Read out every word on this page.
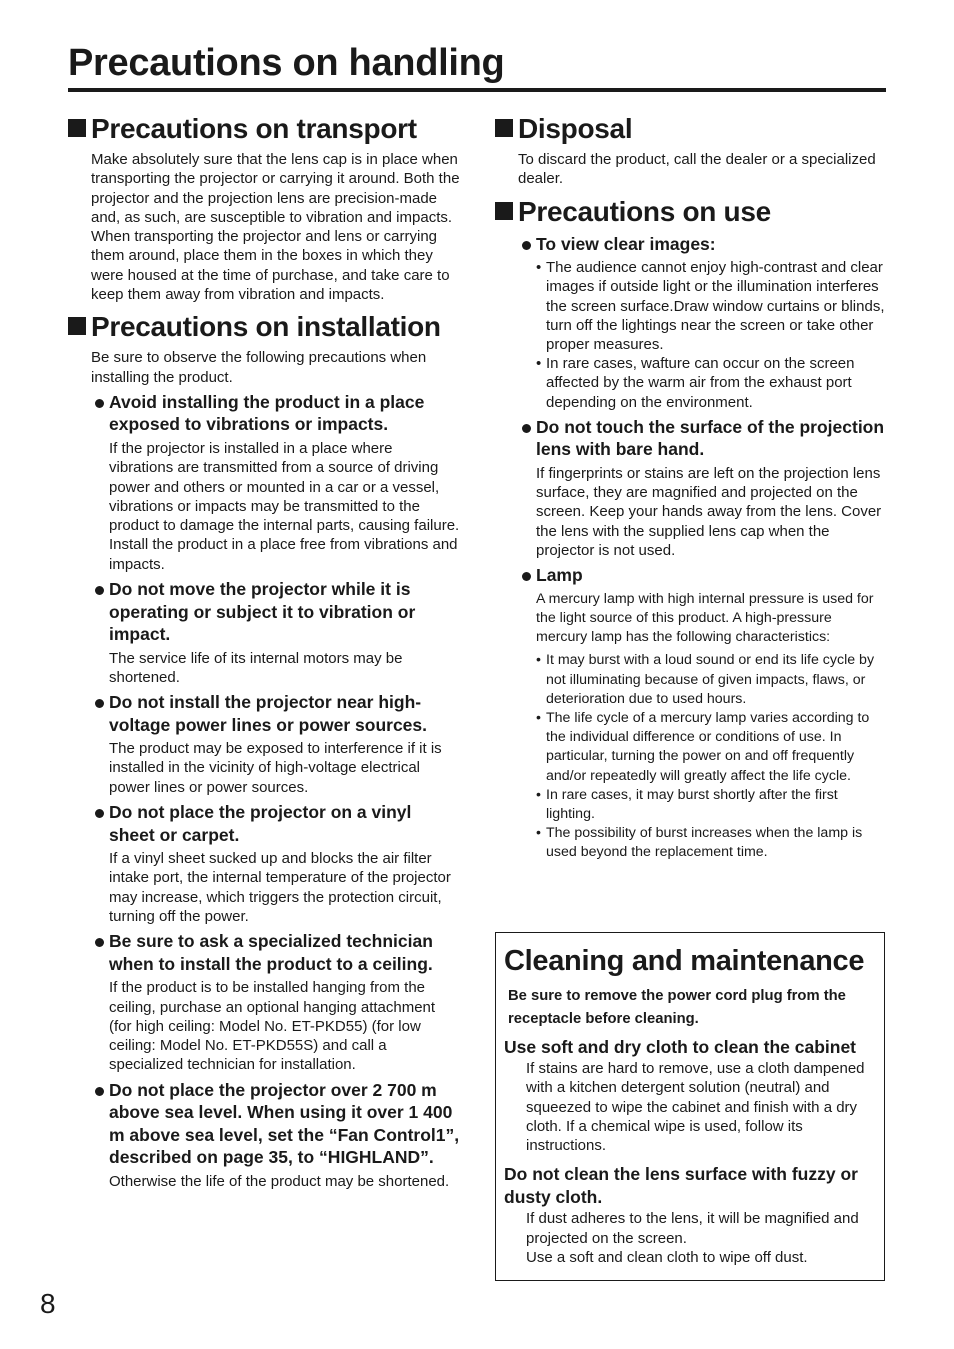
Precautions on handling
Precautions on transport

Make absolutely sure that the lens cap is in place when transporting the projector or carrying it around. Both the projector and the projection lens are precision-made and, as such, are susceptible to vibration and impacts. When transporting the projector and lens or carrying them around, place them in the boxes in which they were housed at the time of purchase, and take care to keep them away from vibration and impacts.

Precautions on installation

Be sure to observe the following precautions when installing the product.

Avoid installing the product in a place exposed to vibrations or impacts.

If the projector is installed in a place where vibrations are transmitted from a source of driving power and others or mounted in a car or a vessel, vibrations or impacts may be transmitted to the product to damage the internal parts, causing failure. Install the product in a place free from vibrations and impacts.

Do not move the projector while it is operating or subject it to vibration or impact.

The service life of its internal motors may be shortened.

Do not install the projector near high-voltage power lines or power sources.

The product may be exposed to interference if it is installed in the vicinity of high-voltage electrical power lines or power sources.

Do not place the projector on a vinyl sheet or carpet.

If a vinyl sheet sucked up and blocks the air filter intake port, the internal temperature of the projector may increase, which triggers the protection circuit, turning off the power.

Be sure to ask a specialized technician when to install the product to a ceiling.

If the product is to be installed hanging from the ceiling, purchase an optional hanging attachment (for high ceiling: Model No. ET-PKD55) (for low ceiling: Model No. ET-PKD55S) and call a specialized technician for installation.

Do not place the projector over 2 700 m above sea level. When using it over 1 400 m above sea level, set the “Fan Control1”, described on page 35, to “HIGHLAND”.

Otherwise the life of the product may be shortened.

Disposal

To discard the product, call the dealer or a specialized dealer.

Precautions on use
To view clear images:
• The audience cannot enjoy high-contrast and clear images if outside light or the illumination interferes the screen surface.Draw window curtains or blinds, turn off the lightings near the screen or take other proper measures.
• In rare cases, wafture can occur on the screen affected by the warm air from the exhaust port depending on the environment.
Do not touch the surface of the projection lens with bare hand.

If fingerprints or stains are left on the projection lens surface, they are magnified and projected on the screen. Keep your hands away from the lens. Cover the lens with the supplied lens cap when the projector is not used.

Lamp

A mercury lamp with high internal pressure is used for the light source of this product. A high-pressure mercury lamp has the following characteristics:

• It may burst with a loud sound or end its life cycle by not illuminating because of given impacts, flaws, or deterioration due to used hours.
• The life cycle of a mercury lamp varies according to the individual difference or conditions of use. In particular, turning the power on and off frequently and/or repeatedly will greatly affect the life cycle.
• In rare cases, it may burst shortly after the first lighting.
• The possibility of burst increases when the lamp is used beyond the replacement time.
Cleaning and maintenance

Be sure to remove the power cord plug from the receptacle before cleaning.

Use soft and dry cloth to clean the cabinet

If stains are hard to remove, use a cloth dampened with a kitchen detergent solution (neutral) and squeezed to wipe the cabinet and finish with a dry cloth. If a chemical wipe is used, follow its instructions.

Do not clean the lens surface with fuzzy or dusty cloth.

If dust adheres to the lens, it will be magnified and projected on the screen.

Use a soft and clean cloth to wipe off dust.

8
